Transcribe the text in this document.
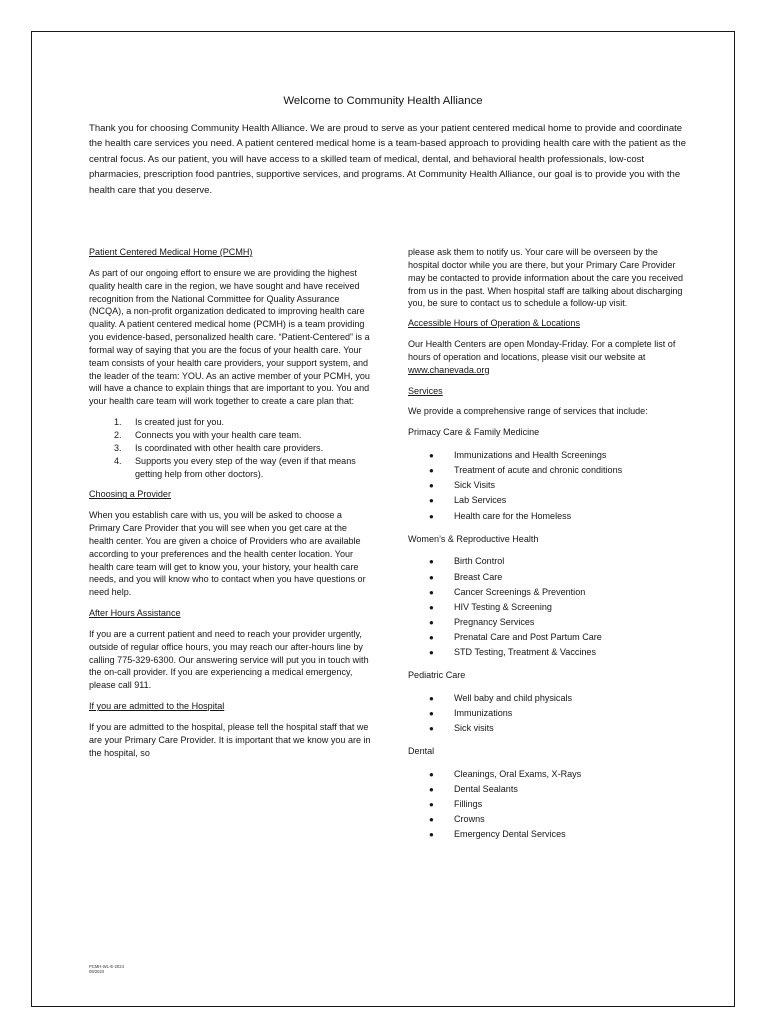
Welcome to Community Health Alliance

Thank you for choosing Community Health Alliance. We are proud to serve as your patient centered medical home to provide and coordinate the health care services you need. A patient centered medical home is a team-based approach to providing health care with the patient as the central focus. As our patient, you will have access to a skilled team of medical, dental, and behavioral health professionals, low-cost pharmacies, prescription food pantries, supportive services, and programs. At Community Health Alliance, our goal is to provide you with the health care that you deserve.

Patient Centered Medical Home (PCMH)

As part of our ongoing effort to ensure we are providing the highest quality health care in the region, we have sought and have received recognition from the National Committee for Quality Assurance (NCQA), a non-profit organization dedicated to improving health care quality. A patient centered medical home (PCMH) is a team providing you evidence-based, personalized health care. “Patient-Centered” is a formal way of saying that you are the focus of your health care. Your team consists of your health care providers, your support system, and the leader of the team: YOU. As an active member of your PCMH, you will have a chance to explain things that are important to you. You and your health care team will work together to create a care plan that:

1. Is created just for you.
2. Connects you with your health care team.
3. Is coordinated with other health care providers.
4. Supports you every step of the way (even if that means getting help from other doctors).
Choosing a Provider

When you establish care with us, you will be asked to choose a Primary Care Provider that you will see when you get care at the health center. You are given a choice of Providers who are available according to your preferences and the health center location. Your health care team will get to know you, your history, your health care needs, and you will know who to contact when you have questions or need help.

After Hours Assistance

If you are a current patient and need to reach your provider urgently, outside of regular office hours, you may reach our after-hours line by calling 775-329-6300. Our answering service will put you in touch with the on-call provider. If you are experiencing a medical emergency, please call 911.

If you are admitted to the Hospital

If you are admitted to the hospital, please tell the hospital staff that we are your Primary Care Provider. It is important that we know you are in the hospital, so

please ask them to notify us. Your care will be overseen by the hospital doctor while you are there, but your Primary Care Provider may be contacted to provide information about the care you received from us in the past. When hospital staff are talking about discharging you, be sure to contact us to schedule a follow-up visit.

Accessible Hours of Operation & Locations

Our Health Centers are open Monday-Friday. For a complete list of hours of operation and locations, please visit our website at www.chanevada.org

Services

We provide a comprehensive range of services that include:

Primacy Care & Family Medicine
● Immunizations and Health Screenings
● Treatment of acute and chronic conditions
● Sick Visits
● Lab Services
● Health care for the Homeless
Women’s & Reproductive Health
● Birth Control
● Breast Care
● Cancer Screenings & Prevention
● HIV Testing & Screening
● Pregnancy Services
● Prenatal Care and Post Partum Care
● STD Testing, Treatment & Vaccines
Pediatric Care
● Well baby and child physicals
● Immunizations
● Sick visits
Dental
● Cleanings, Oral Exams, X-Rays
● Dental Sealants
● Fillings
● Crowns
● Emergency Dental Services
PCMH-WL-E-2024
09/2024
